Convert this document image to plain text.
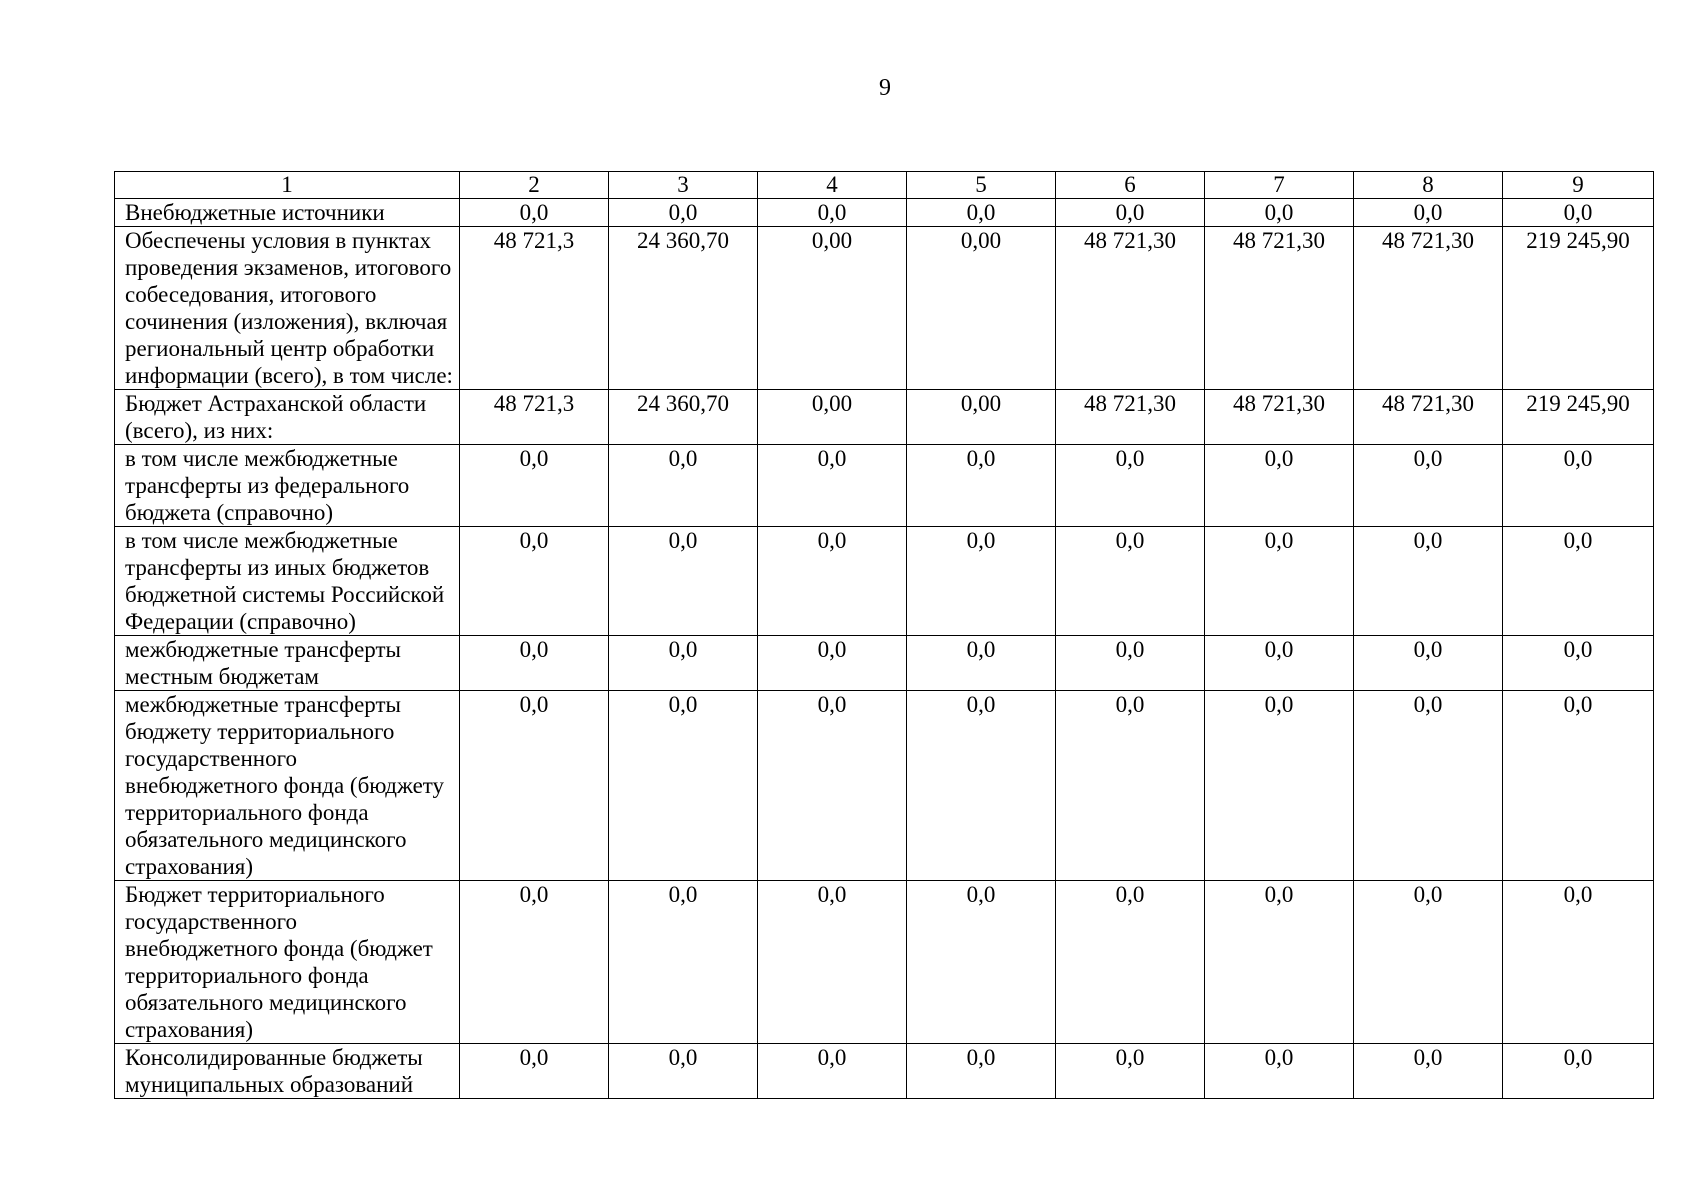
9
1	2	3	4	5	6	7	8	9
Внебюджетные источники	0,0	0,0	0,0	0,0	0,0	0,0	0,0	0,0
Обеспечены условия в пунктах проведения экзаменов, итогового собеседования, итогового сочинения (изложения), включая региональный центр обработки информации (всего), в том числе:	48 721,3	24 360,70	0,00	0,00	48 721,30	48 721,30	48 721,30	219 245,90
Бюджет Астраханской области (всего), из них:	48 721,3	24 360,70	0,00	0,00	48 721,30	48 721,30	48 721,30	219 245,90
в том числе межбюджетные трансферты из федерального бюджета (справочно)	0,0	0,0	0,0	0,0	0,0	0,0	0,0	0,0
в том числе межбюджетные трансферты из иных бюджетов бюджетной системы Российской Федерации (справочно)	0,0	0,0	0,0	0,0	0,0	0,0	0,0	0,0
межбюджетные трансферты местным бюджетам	0,0	0,0	0,0	0,0	0,0	0,0	0,0	0,0
межбюджетные трансферты бюджету территориального государственного внебюджетного фонда (бюджету территориального фонда обязательного медицинского страхования)	0,0	0,0	0,0	0,0	0,0	0,0	0,0	0,0
Бюджет территориального государственного внебюджетного фонда (бюджет территориального фонда обязательного медицинского страхования)	0,0	0,0	0,0	0,0	0,0	0,0	0,0	0,0
Консолидированные бюджеты муниципальных образований	0,0	0,0	0,0	0,0	0,0	0,0	0,0	0,0
